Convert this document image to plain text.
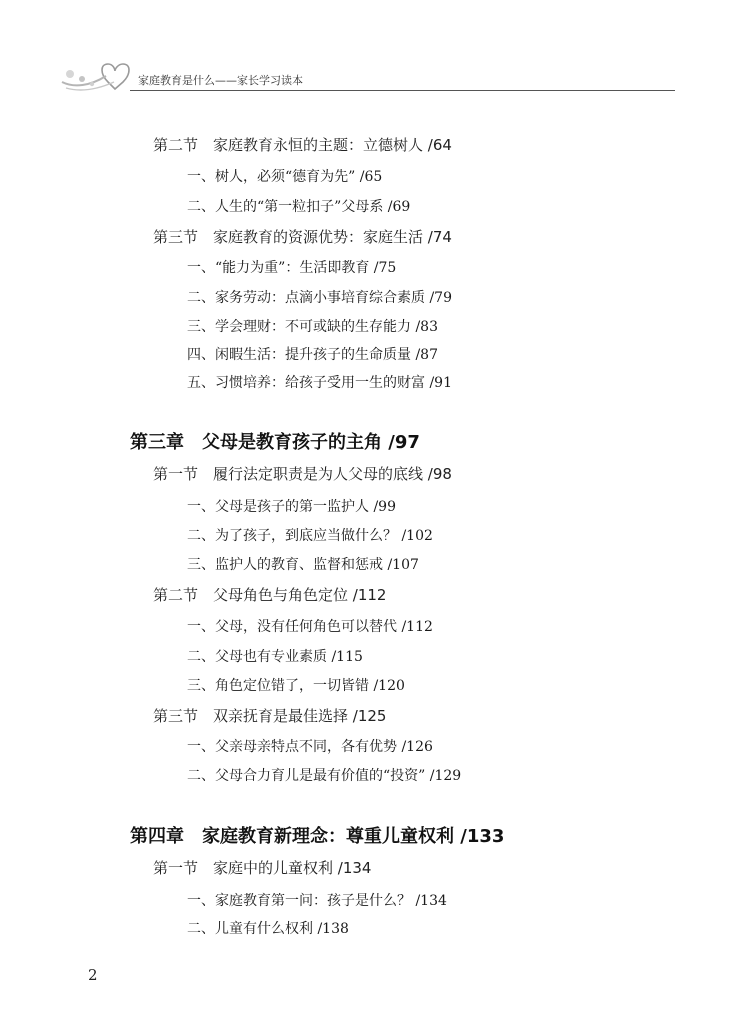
家庭教育是什么——家长学习读本
第二节　家庭教育永恒的主题：立德树人 /64
一、树人，必须“德育为先” /65
二、人生的“第一粒扣子”父母系 /69
第三节　家庭教育的资源优势：家庭生活 /74
一、“能力为重”：生活即教育 /75
二、家务劳动：点滴小事培育综合素质 /79
三、学会理财：不可或缺的生存能力 /83
四、闲暇生活：提升孩子的生命质量 /87
五、习惯培养：给孩子受用一生的财富 /91
第三章　父母是教育孩子的主角 /97
第一节　履行法定职责是为人父母的底线 /98
一、父母是孩子的第一监护人 /99
二、为了孩子，到底应当做什么？ /102
三、监护人的教育、监督和惩戒 /107
第二节　父母角色与角色定位 /112
一、父母，没有任何角色可以替代 /112
二、父母也有专业素质 /115
三、角色定位错了，一切皆错 /120
第三节　双亲抚育是最佳选择 /125
一、父亲母亲特点不同，各有优势 /126
二、父母合力育儿是最有价值的“投资” /129
第四章　家庭教育新理念：尊重儿童权利 /133
第一节　家庭中的儿童权利 /134
一、家庭教育第一问：孩子是什么？ /134
二、儿童有什么权利 /138
2
